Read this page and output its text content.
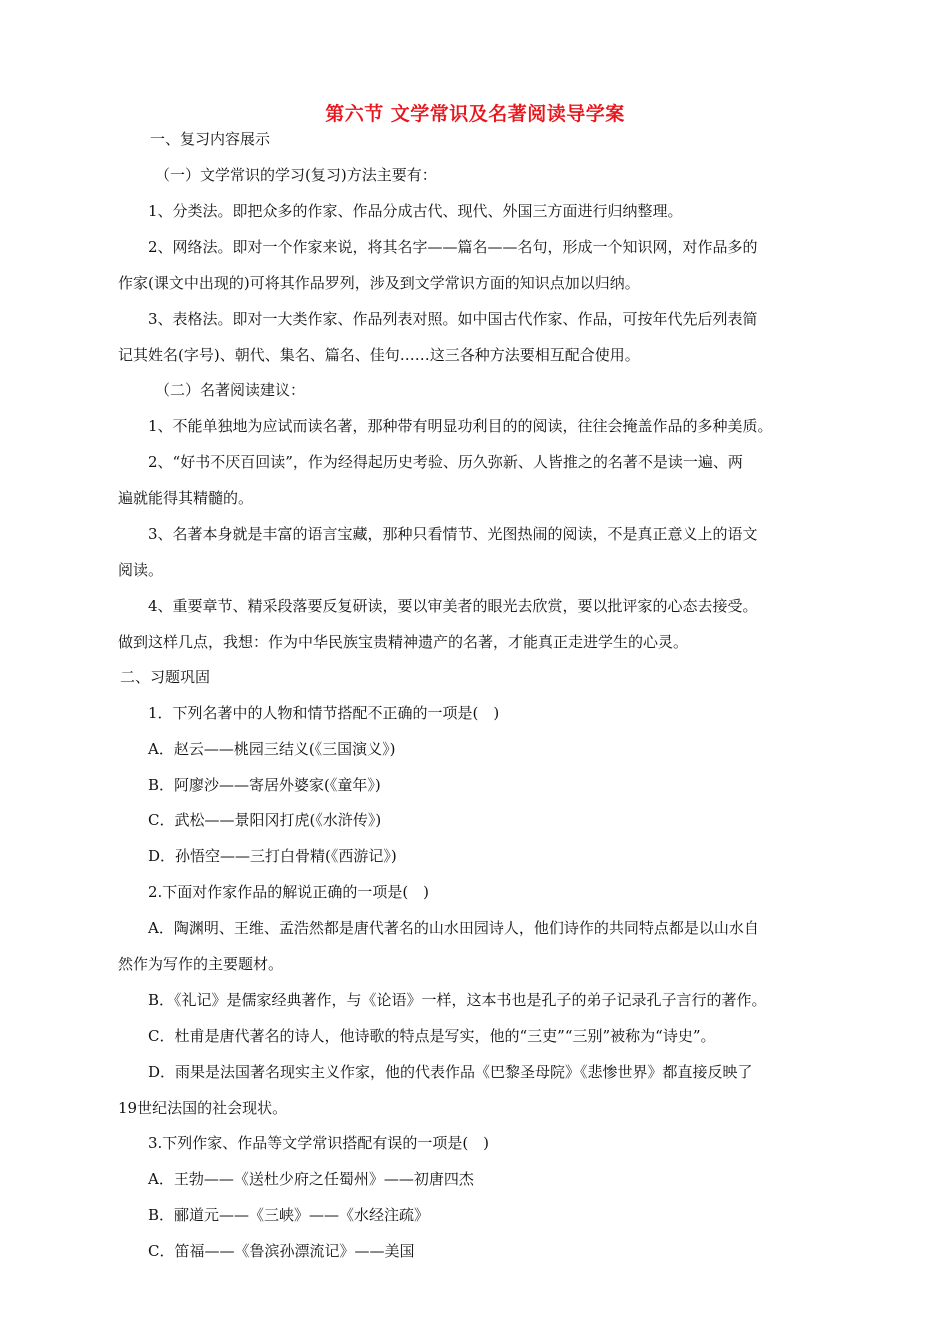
第六节 文学常识及名著阅读导学案
一、复习内容展示
（一）文学常识的学习(复习)方法主要有：
1、分类法。即把众多的作家、作品分成古代、现代、外国三方面进行归纳整理。
2、网络法。即对一个作家来说，将其名字——篇名——名句，形成一个知识网，对作品多的
作家(课文中出现的)可将其作品罗列，涉及到文学常识方面的知识点加以归纳。
3、表格法。即对一大类作家、作品列表对照。如中国古代作家、作品，可按年代先后列表简
记其姓名(字号)、朝代、集名、篇名、佳句……这三各种方法要相互配合使用。
（二）名著阅读建议：
1、不能单独地为应试而读名著，那种带有明显功利目的的阅读，往往会掩盖作品的多种美质。
2、“好书不厌百回读”，作为经得起历史考验、历久弥新、人皆推之的名著不是读一遍、两
遍就能得其精髓的。
3、名著本身就是丰富的语言宝藏，那种只看情节、光图热闹的阅读，不是真正意义上的语文
阅读。
4、重要章节、精采段落要反复研读，要以审美者的眼光去欣赏，要以批评家的心态去接受。
做到这样几点，我想：作为中华民族宝贵精神遗产的名著，才能真正走进学生的心灵。
二、习题巩固
1．下列名著中的人物和情节搭配不正确的一项是(　)
A．赵云——桃园三结义(《三国演义》)
B．阿廖沙——寄居外婆家(《童年》)
C．武松——景阳冈打虎(《水浒传》)
D．孙悟空——三打白骨精(《西游记》)
2.下面对作家作品的解说正确的一项是(　)
A．陶渊明、王维、孟浩然都是唐代著名的山水田园诗人，他们诗作的共同特点都是以山水自
然作为写作的主要题材。
B．《礼记》是儒家经典著作，与《论语》一样，这本书也是孔子的弟子记录孔子言行的著作。
C．杜甫是唐代著名的诗人，他诗歌的特点是写实，他的“三吏”“三别”被称为“诗史”。
D．雨果是法国著名现实主义作家，他的代表作品《巴黎圣母院》《悲惨世界》都直接反映了
19世纪法国的社会现状。
3.下列作家、作品等文学常识搭配有误的一项是(　)
A．王勃——《送杜少府之任蜀州》——初唐四杰
B．郦道元——《三峡》——《水经注疏》
C．笛福——《鲁滨孙漂流记》——美国
